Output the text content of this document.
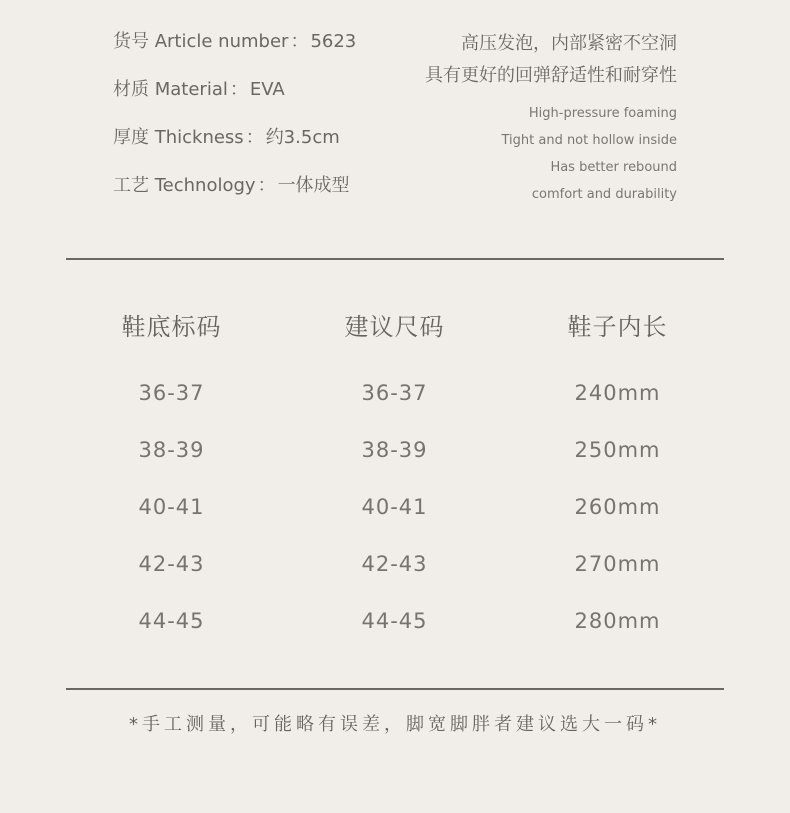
货号 Article number ： 5623
材质 Material ： EVA
厚度 Thickness ： 约3.5cm
工艺 Technology ： 一体成型
高压发泡，内部紧密不空洞
具有更好的回弹舒适性和耐穿性
High-pressure foaming
Tight and not hollow inside
Has better rebound
comfort and durability
鞋底标码	建议尺码	鞋子内长
36-37	36-37	240mm
38-39	38-39	250mm
40-41	40-41	260mm
42-43	42-43	270mm
44-45	44-45	280mm
*手工测量，可能略有误差，脚宽脚胖者建议选大一码*
